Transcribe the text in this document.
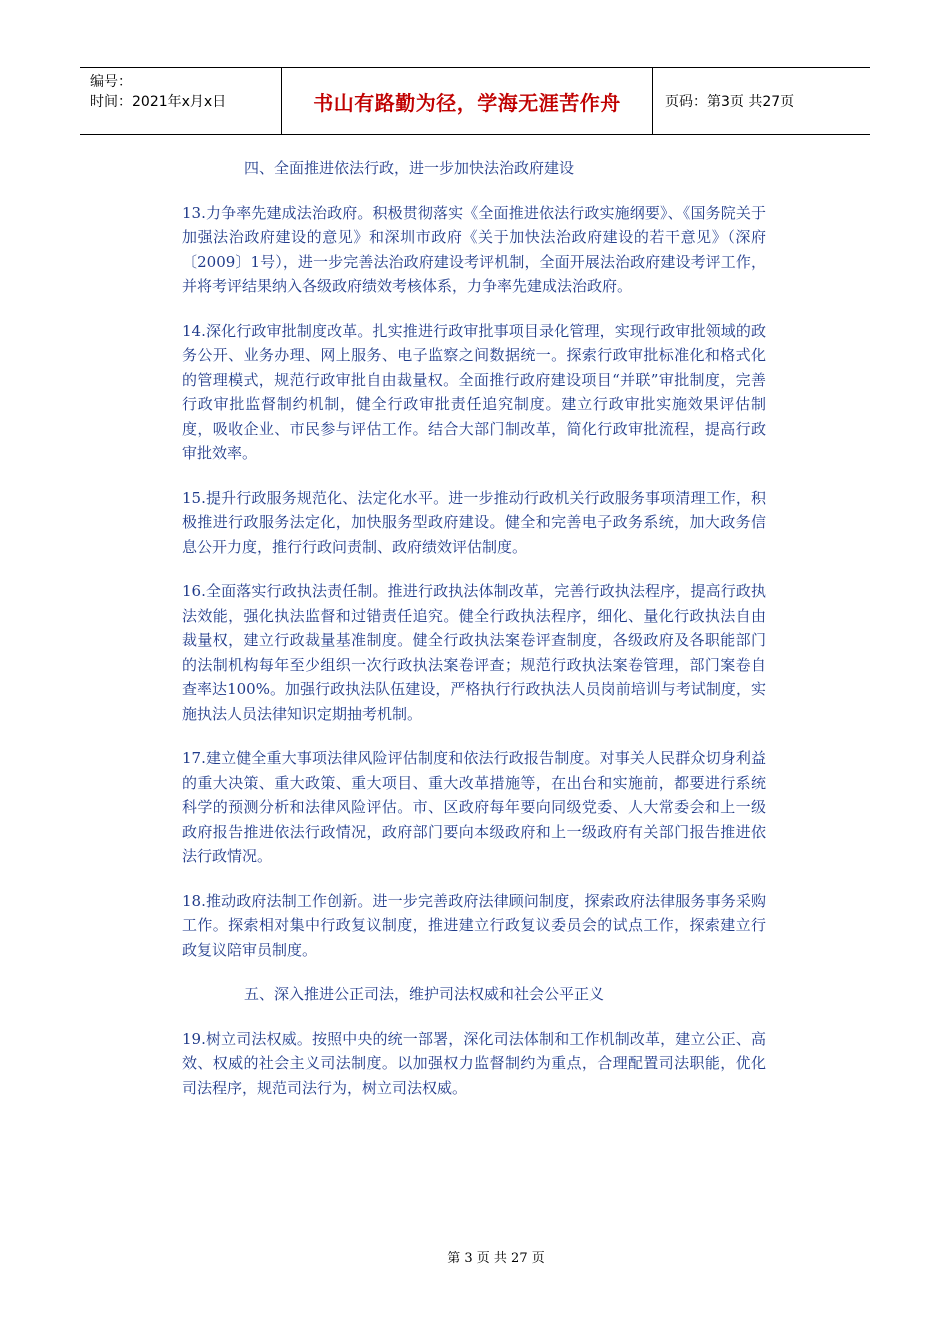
编号：
时间：2021年x月x日	书山有路勤为径，学海无涯苦作舟	页码：第3页 共27页
四、全面推进依法行政，进一步加快法治政府建设

13.力争率先建成法治政府。积极贯彻落实《全面推进依法行政实施纲要》、《国务院关于加强法治政府建设的意见》和深圳市政府《关于加快法治政府建设的若干意见》（深府〔2009〕1号），进一步完善法治政府建设考评机制，全面开展法治政府建设考评工作，并将考评结果纳入各级政府绩效考核体系，力争率先建成法治政府。

14.深化行政审批制度改革。扎实推进行政审批事项目录化管理，实现行政审批领域的政务公开、业务办理、网上服务、电子监察之间数据统一。探索行政审批标准化和格式化的管理模式，规范行政审批自由裁量权。全面推行政府建设项目“并联”审批制度，完善行政审批监督制约机制，健全行政审批责任追究制度。建立行政审批实施效果评估制度，吸收企业、市民参与评估工作。结合大部门制改革，简化行政审批流程，提高行政审批效率。

15.提升行政服务规范化、法定化水平。进一步推动行政机关行政服务事项清理工作，积极推进行政服务法定化，加快服务型政府建设。健全和完善电子政务系统，加大政务信息公开力度，推行行政问责制、政府绩效评估制度。

16.全面落实行政执法责任制。推进行政执法体制改革，完善行政执法程序，提高行政执法效能，强化执法监督和过错责任追究。健全行政执法程序，细化、量化行政执法自由裁量权，建立行政裁量基准制度。健全行政执法案卷评查制度，各级政府及各职能部门的法制机构每年至少组织一次行政执法案卷评查；规范行政执法案卷管理，部门案卷自查率达100%。加强行政执法队伍建设，严格执行行政执法人员岗前培训与考试制度，实施执法人员法律知识定期抽考机制。

17.建立健全重大事项法律风险评估制度和依法行政报告制度。对事关人民群众切身利益的重大决策、重大政策、重大项目、重大改革措施等，在出台和实施前，都要进行系统科学的预测分析和法律风险评估。市、区政府每年要向同级党委、人大常委会和上一级政府报告推进依法行政情况，政府部门要向本级政府和上一级政府有关部门报告推进依法行政情况。

18.推动政府法制工作创新。进一步完善政府法律顾问制度，探索政府法律服务事务采购工作。探索相对集中行政复议制度，推进建立行政复议委员会的试点工作，探索建立行政复议陪审员制度。

五、深入推进公正司法，维护司法权威和社会公平正义

19.树立司法权威。按照中央的统一部署，深化司法体制和工作机制改革，建立公正、高效、权威的社会主义司法制度。以加强权力监督制约为重点，合理配置司法职能，优化司法程序，规范司法行为，树立司法权威。

第 3 页 共 27 页
